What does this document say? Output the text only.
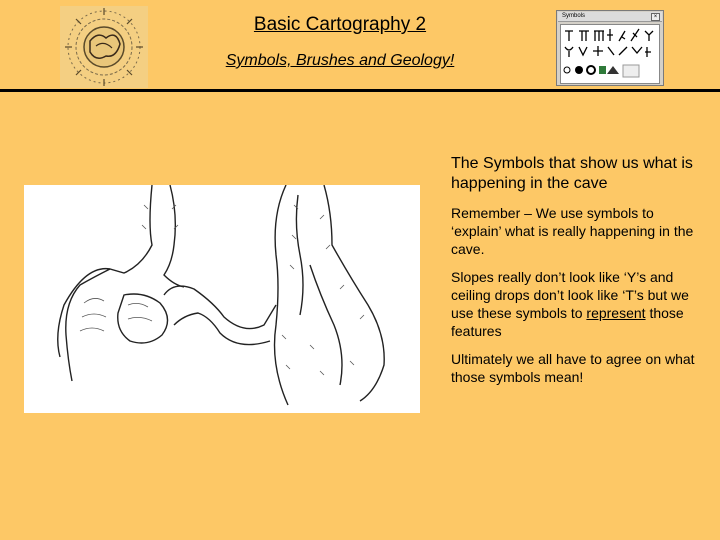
Basic Cartography 2
Symbols, Brushes and Geology!
Symbols	×

The Symbols that show us what is happening in the cave

Remember – We use symbols to ‘explain’ what is really happening in the cave.

Slopes really don’t look like ‘Y’s and ceiling drops don’t look like ‘T’s but we use these symbols to represent those features

Ultimately we all have to agree on what those symbols mean!
